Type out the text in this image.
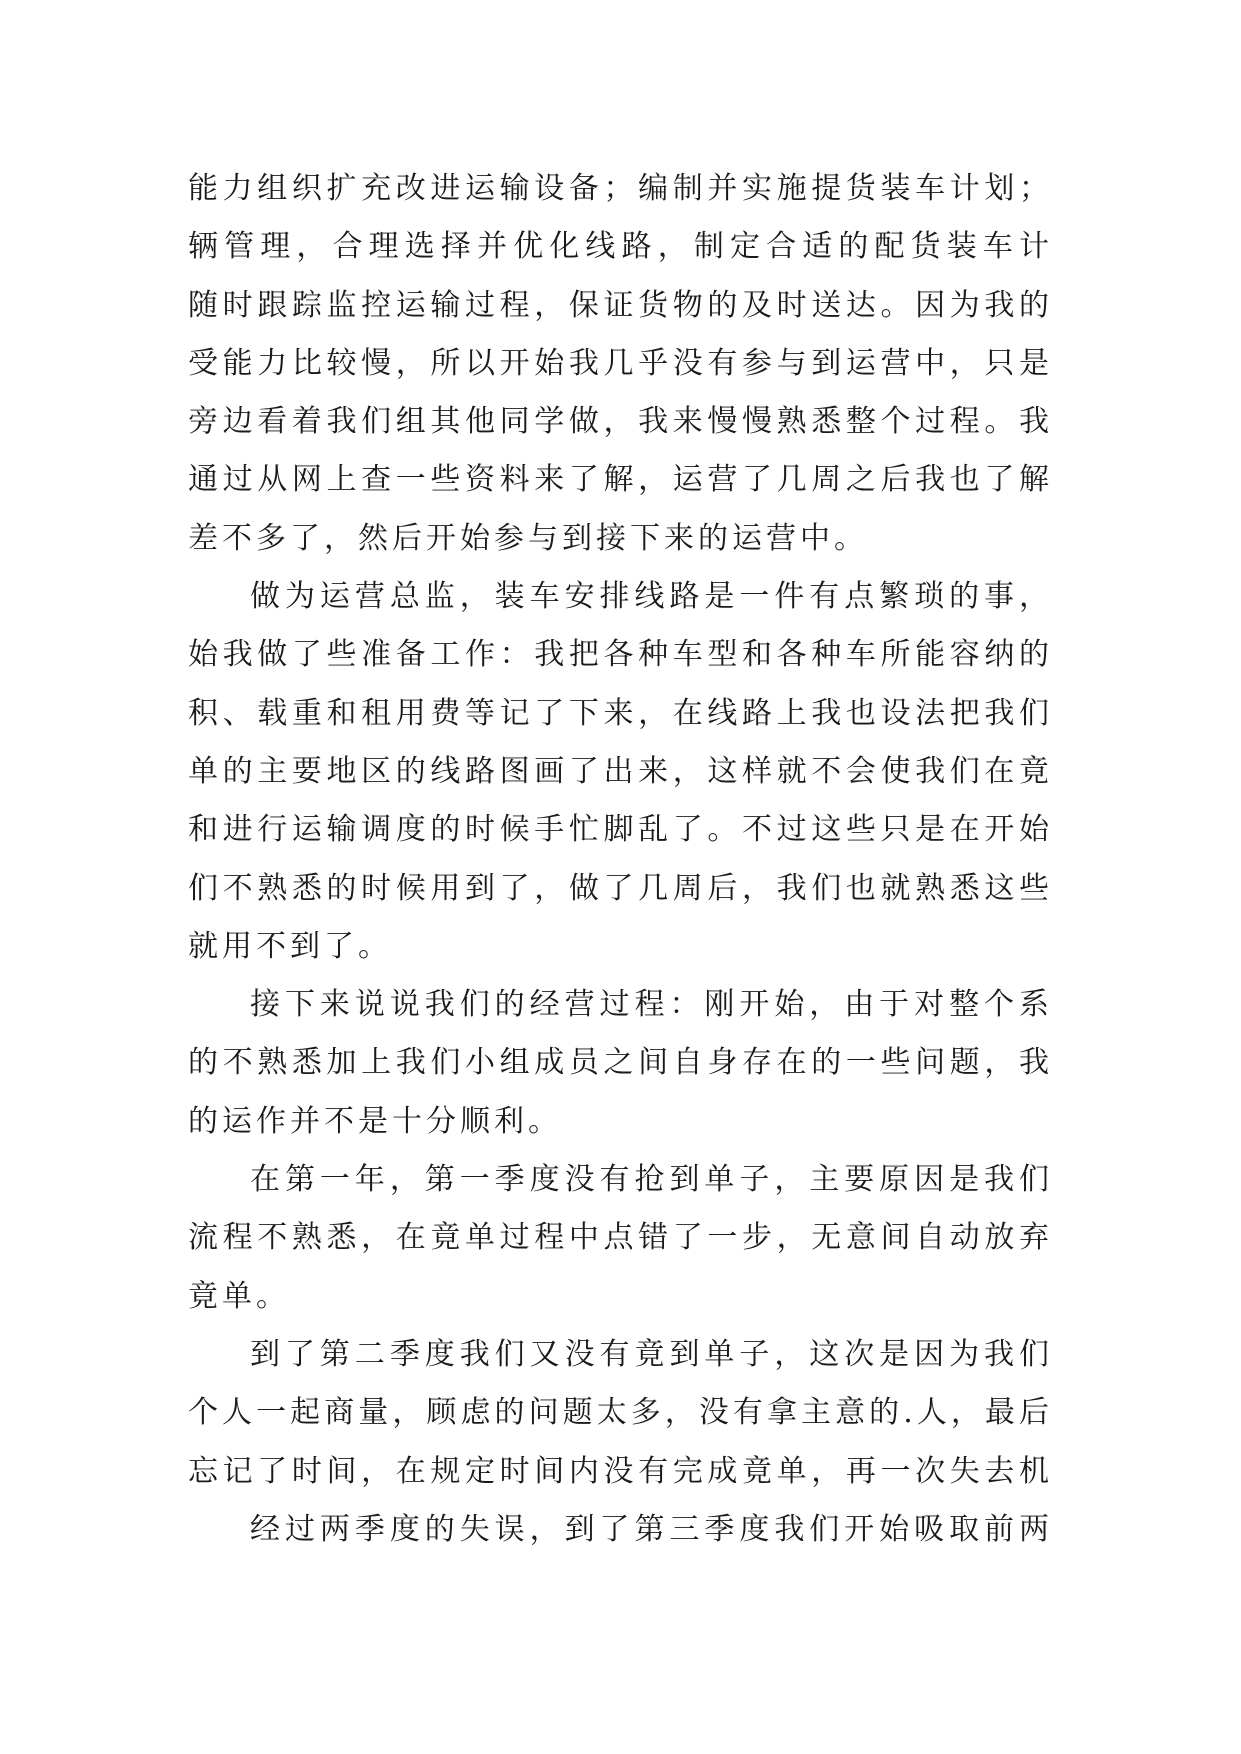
能力组织扩充改进运输设备；编制并实施提货装车计划；
辆管理，合理选择并优化线路，制定合适的配货装车计
随时跟踪监控运输过程，保证货物的及时送达。因为我的
受能力比较慢，所以开始我几乎没有参与到运营中，只是
旁边看着我们组其他同学做，我来慢慢熟悉整个过程。我
通过从网上查一些资料来了解，运营了几周之后我也了解
差不多了，然后开始参与到接下来的运营中。
做为运营总监，装车安排线路是一件有点繁琐的事，
始我做了些准备工作：我把各种车型和各种车所能容纳的
积、载重和租用费等记了下来，在线路上我也设法把我们
单的主要地区的线路图画了出来，这样就不会使我们在竟
和进行运输调度的时候手忙脚乱了。不过这些只是在开始
们不熟悉的时候用到了，做了几周后，我们也就熟悉这些
就用不到了。
接下来说说我们的经营过程：刚开始，由于对整个系
的不熟悉加上我们小组成员之间自身存在的一些问题，我
的运作并不是十分顺利。
在第一年，第一季度没有抢到单子，主要原因是我们
流程不熟悉，在竟单过程中点错了一步，无意间自动放弃
竟单。
到了第二季度我们又没有竟到单子，这次是因为我们
个人一起商量，顾虑的问题太多，没有拿主意的.人，最后
忘记了时间，在规定时间内没有完成竟单，再一次失去机
经过两季度的失误，到了第三季度我们开始吸取前两
